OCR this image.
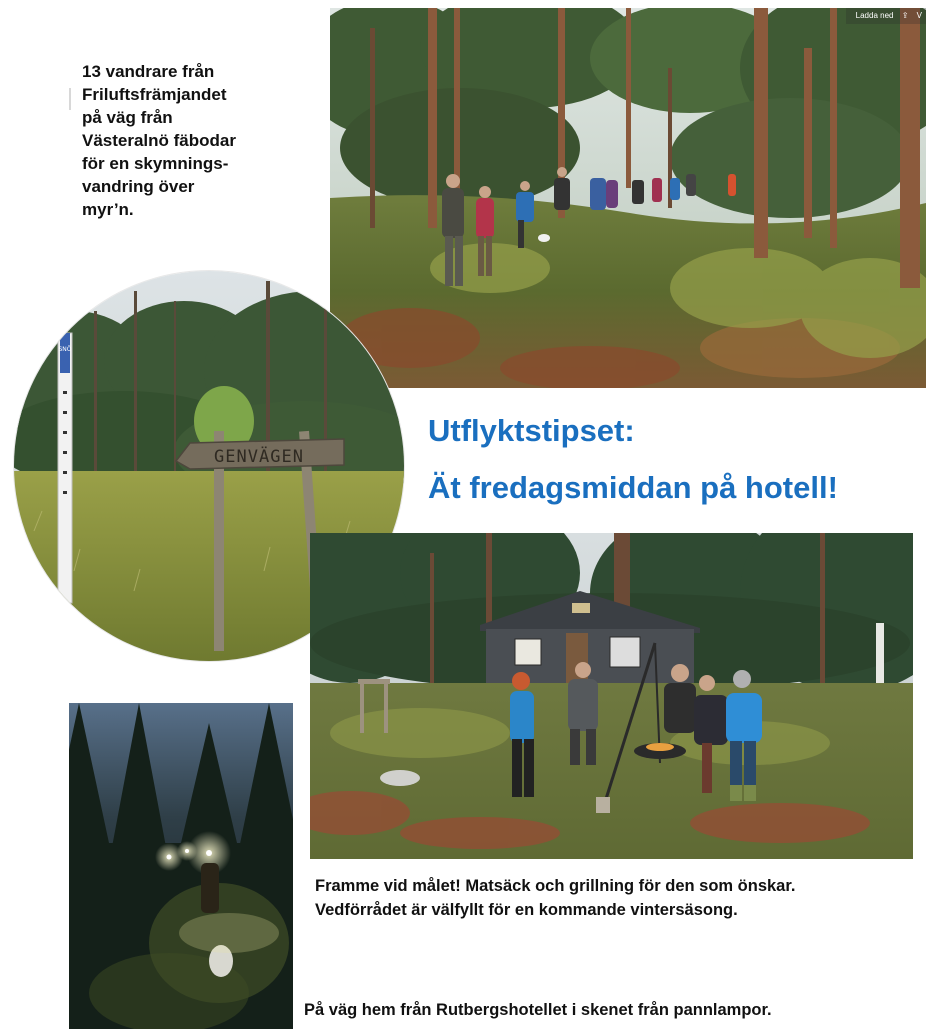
13 vandrare från
Friluftsfrämjandet
på väg från
Västeralnö fäbodar
för en skymnings-
vandring över
myr’n.
Ladda ned ⇪ V
SNÖ
GENVÄGEN
Utflyktstipset:
Ät fredagsmiddan på hotell!
Framme vid målet! Matsäck och grillning för den som önskar.
Vedförrådet är välfyllt för en kommande vintersäsong.
På väg hem från Rutbergshotellet i skenet från pannlampor.
